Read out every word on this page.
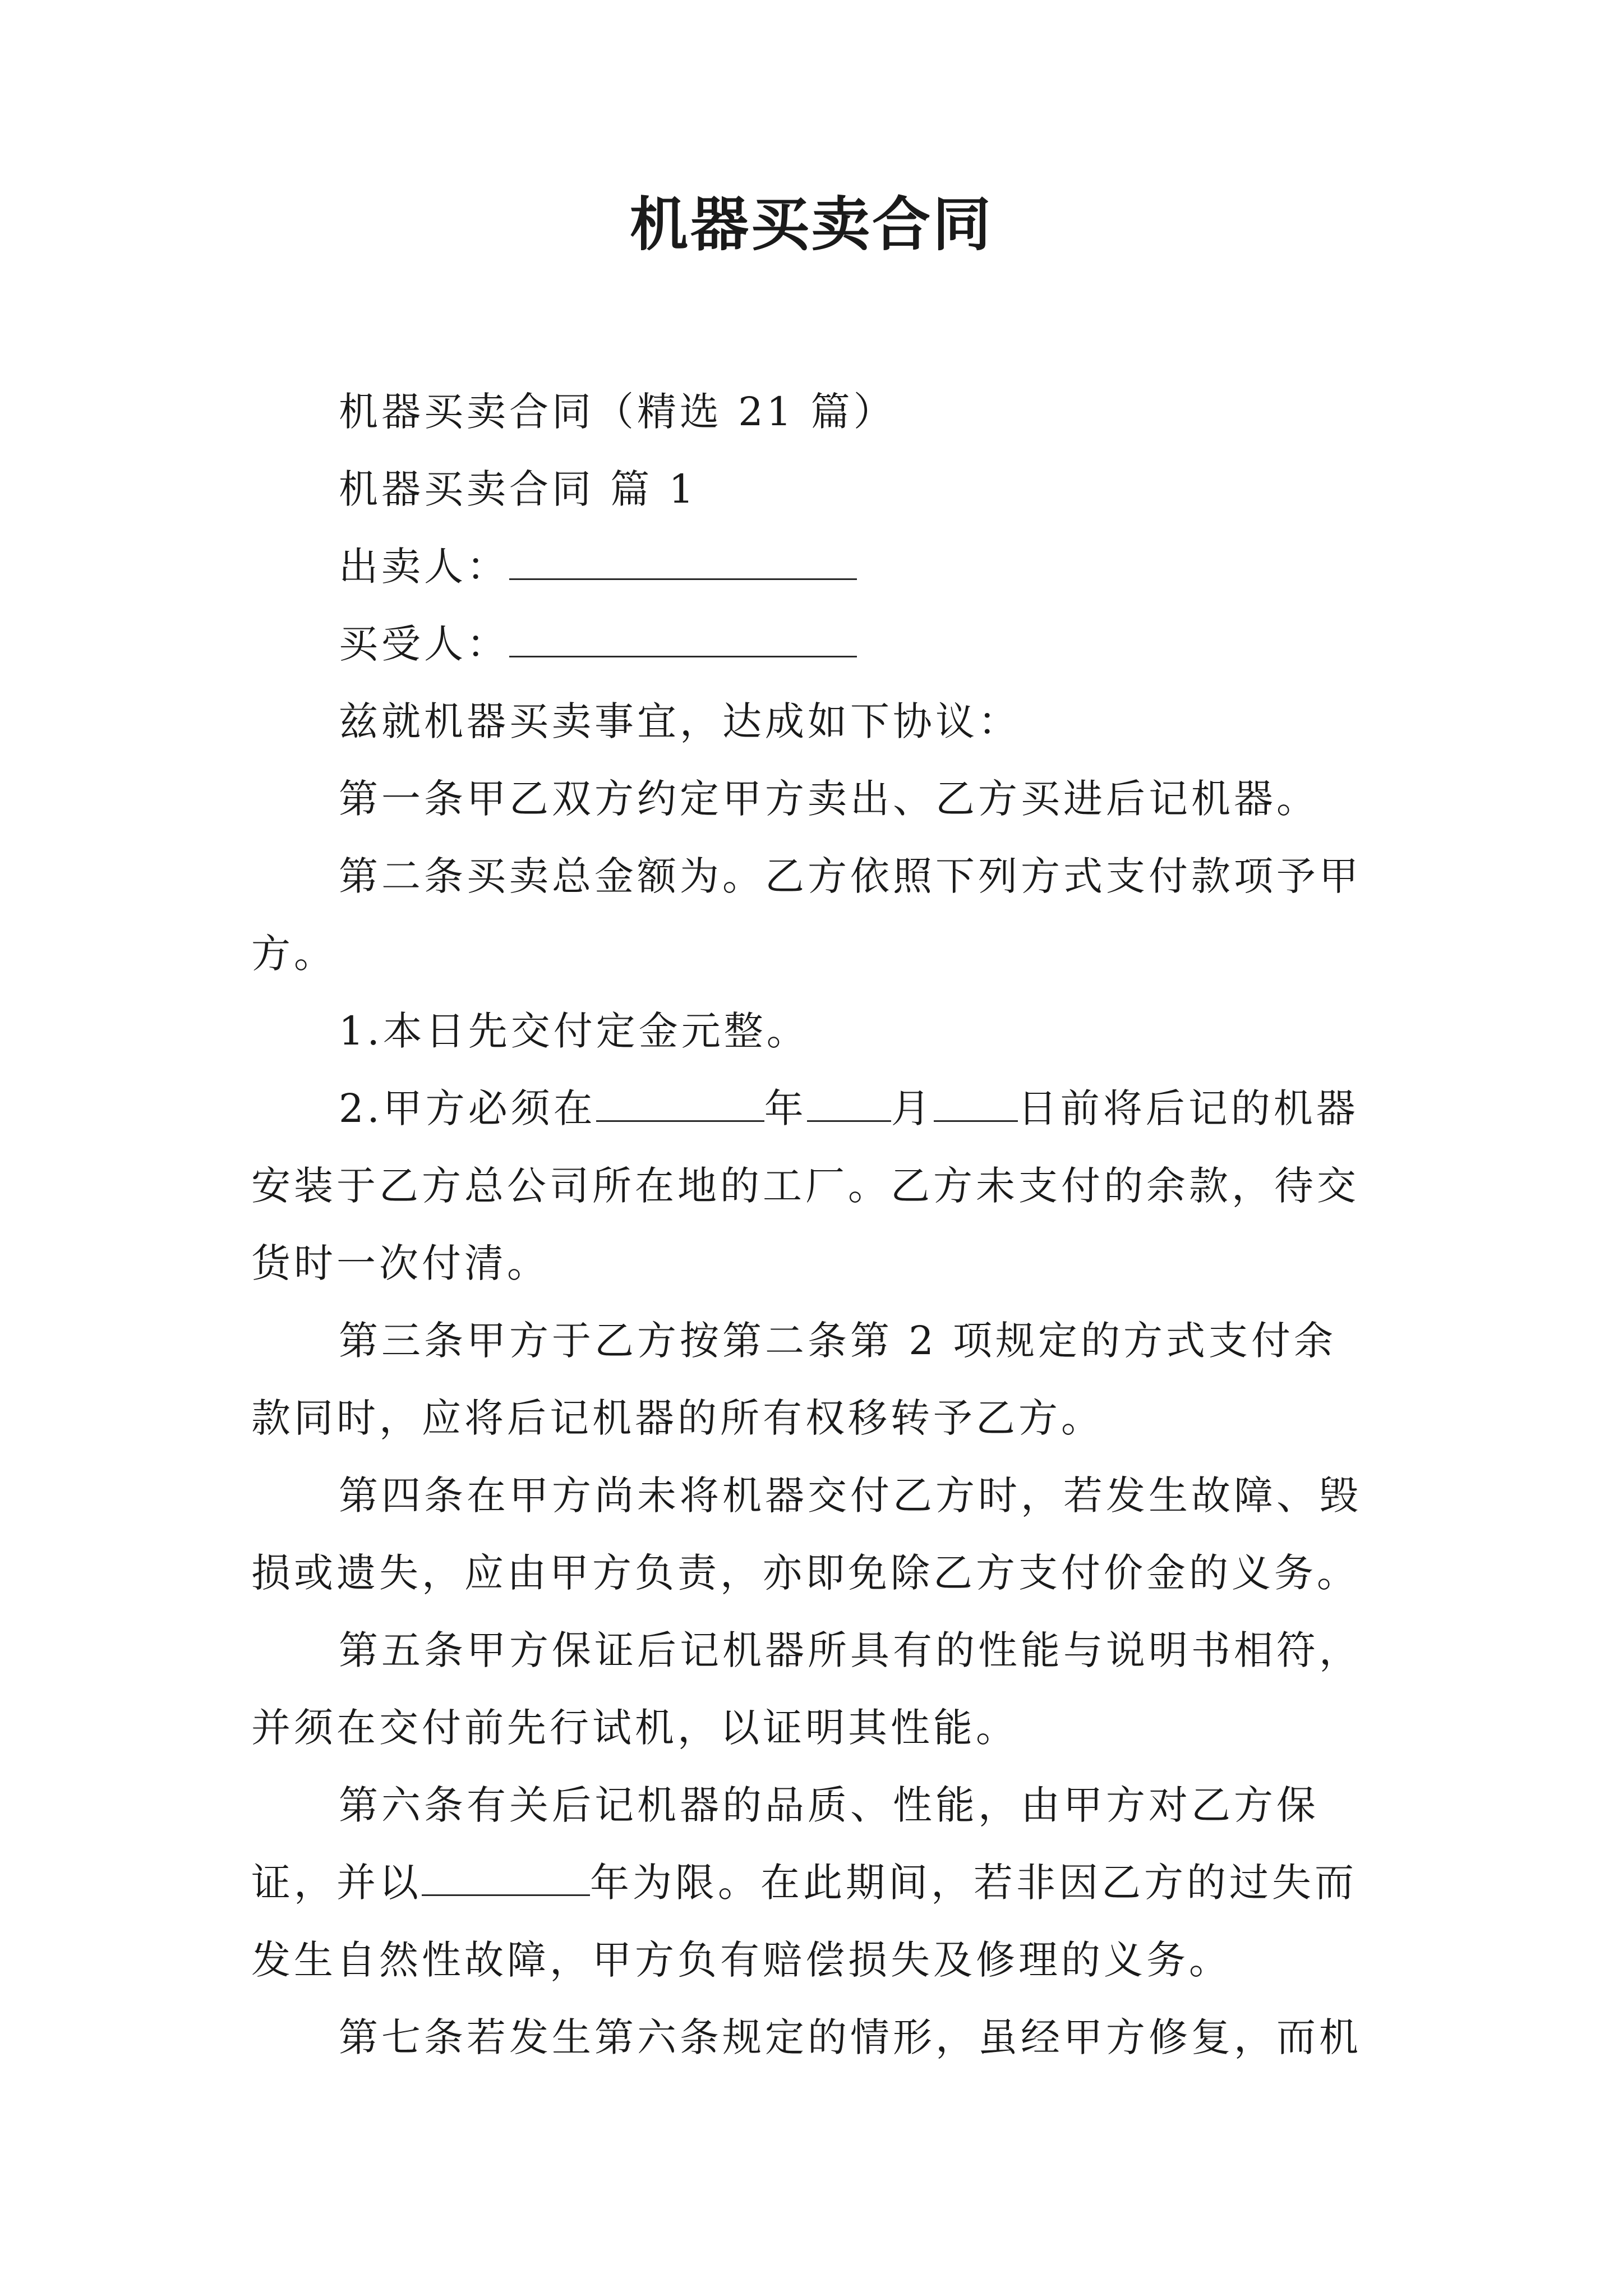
机器买卖合同

机器买卖合同（精选 21 篇）

机器买卖合同 篇 1

出卖人：

买受人：

兹就机器买卖事宜，达成如下协议：

第一条甲乙双方约定甲方卖出、乙方买进后记机器。

第二条买卖总金额为。乙方依照下列方式支付款项予甲方。

1.本日先交付定金元整。

2.甲方必须在	年 月 日前将后记的机器安装于乙方总公司所在地的工厂。乙方未支付的余款，待交货时一次付清。

第三条甲方于乙方按第二条第 2 项规定的方式支付余款同时，应将后记机器的所有权移转予乙方。

第四条在甲方尚未将机器交付乙方时，若发生故障、毁损或遗失，应由甲方负责，亦即免除乙方支付价金的义务。

第五条甲方保证后记机器所具有的性能与说明书相符，并须在交付前先行试机，以证明其性能。

第六条有关后记机器的品质、性能，由甲方对乙方保证，并以	年为限。在此期间，若非因乙方的过失而发生自然性故障，甲方负有赔偿损失及修理的义务。

第七条若发生第六条规定的情形，虽经甲方修复，而机
